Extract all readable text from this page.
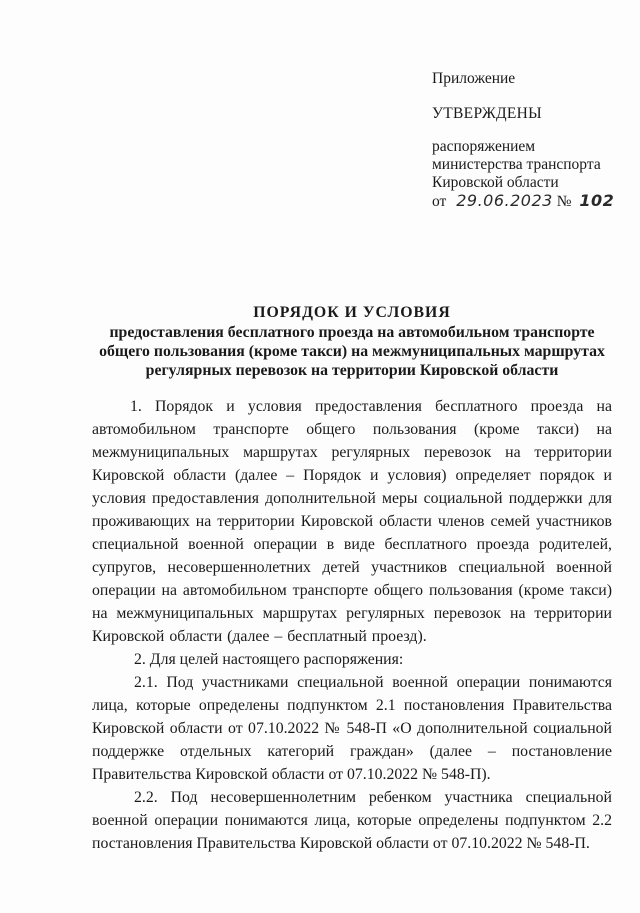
Приложение
УТВЕРЖДЕНЫ
распоряжением
министерства транспорта
Кировской области
от 29.06.2023 № 102
ПОРЯДОК И УСЛОВИЯ
предоставления бесплатного проезда на автомобильном транспорте
общего пользования (кроме такси) на межмуниципальных маршрутах
регулярных перевозок на территории Кировской области

1. Порядок и условия предоставления бесплатного проезда на автомобильном транспорте общего пользования (кроме такси) на межмуниципальных маршрутах регулярных перевозок на территории Кировской области (далее – Порядок и условия) определяет порядок и условия предоставления дополнительной меры социальной поддержки для проживающих на территории Кировской области членов семей участников специальной военной операции в виде бесплатного проезда родителей, супругов, несовершеннолетних детей участников специальной военной операции на автомобильном транспорте общего пользования (кроме такси) на межмуниципальных маршрутах регулярных перевозок на территории Кировской области (далее – бесплатный проезд).

2. Для целей настоящего распоряжения:

2.1. Под участниками специальной военной операции понимаются лица, которые определены подпунктом 2.1 постановления Правительства Кировской области от 07.10.2022 № 548-П «О дополнительной социальной поддержке отдельных категорий граждан» (далее – постановление Правительства Кировской области от 07.10.2022 № 548-П).

2.2. Под несовершеннолетним ребенком участника специальной военной операции понимаются лица, которые определены подпунктом 2.2 постановления Правительства Кировской области от 07.10.2022 № 548-П.
